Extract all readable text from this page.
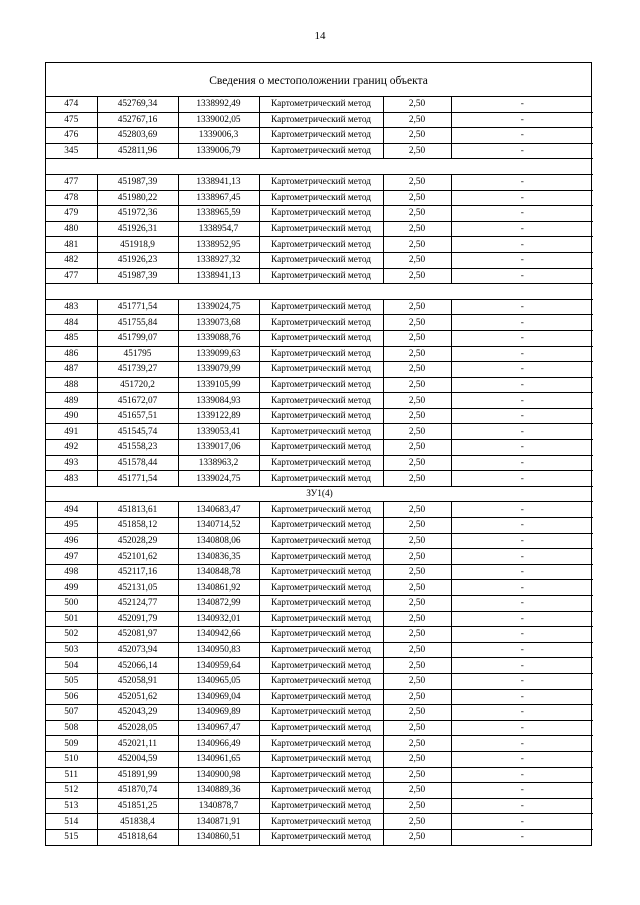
14
Сведения о местоположении границ объекта
474	452769,34	1338992,49	Картометрический метод	2,50	-
475	452767,16	1339002,05	Картометрический метод	2,50	-
476	452803,69	1339006,3	Картометрический метод	2,50	-
345	452811,96	1339006,79	Картометрический метод	2,50	-

477	451987,39	1338941,13	Картометрический метод	2,50	-
478	451980,22	1338967,45	Картометрический метод	2,50	-
479	451972,36	1338965,59	Картометрический метод	2,50	-
480	451926,31	1338954,7	Картометрический метод	2,50	-
481	451918,9	1338952,95	Картометрический метод	2,50	-
482	451926,23	1338927,32	Картометрический метод	2,50	-
477	451987,39	1338941,13	Картометрический метод	2,50	-

483	451771,54	1339024,75	Картометрический метод	2,50	-
484	451755,84	1339073,68	Картометрический метод	2,50	-
485	451799,07	1339088,76	Картометрический метод	2,50	-
486	451795	1339099,63	Картометрический метод	2,50	-
487	451739,27	1339079,99	Картометрический метод	2,50	-
488	451720,2	1339105,99	Картометрический метод	2,50	-
489	451672,07	1339084,93	Картометрический метод	2,50	-
490	451657,51	1339122,89	Картометрический метод	2,50	-
491	451545,74	1339053,41	Картометрический метод	2,50	-
492	451558,23	1339017,06	Картометрический метод	2,50	-
493	451578,44	1338963,2	Картометрический метод	2,50	-
483	451771,54	1339024,75	Картометрический метод	2,50	-
ЗУ1(4)					
494	451813,61	1340683,47	Картометрический метод	2,50	-
495	451858,12	1340714,52	Картометрический метод	2,50	-
496	452028,29	1340808,06	Картометрический метод	2,50	-
497	452101,62	1340836,35	Картометрический метод	2,50	-
498	452117,16	1340848,78	Картометрический метод	2,50	-
499	452131,05	1340861,92	Картометрический метод	2,50	-
500	452124,77	1340872,99	Картометрический метод	2,50	-
501	452091,79	1340932,01	Картометрический метод	2,50	-
502	452081,97	1340942,66	Картометрический метод	2,50	-
503	452073,94	1340950,83	Картометрический метод	2,50	-
504	452066,14	1340959,64	Картометрический метод	2,50	-
505	452058,91	1340965,05	Картометрический метод	2,50	-
506	452051,62	1340969,04	Картометрический метод	2,50	-
507	452043,29	1340969,89	Картометрический метод	2,50	-
508	452028,05	1340967,47	Картометрический метод	2,50	-
509	452021,11	1340966,49	Картометрический метод	2,50	-
510	452004,59	1340961,65	Картометрический метод	2,50	-
511	451891,99	1340900,98	Картометрический метод	2,50	-
512	451870,74	1340889,36	Картометрический метод	2,50	-
513	451851,25	1340878,7	Картометрический метод	2,50	-
514	451838,4	1340871,91	Картометрический метод	2,50	-
515	451818,64	1340860,51	Картометрический метод	2,50	-
